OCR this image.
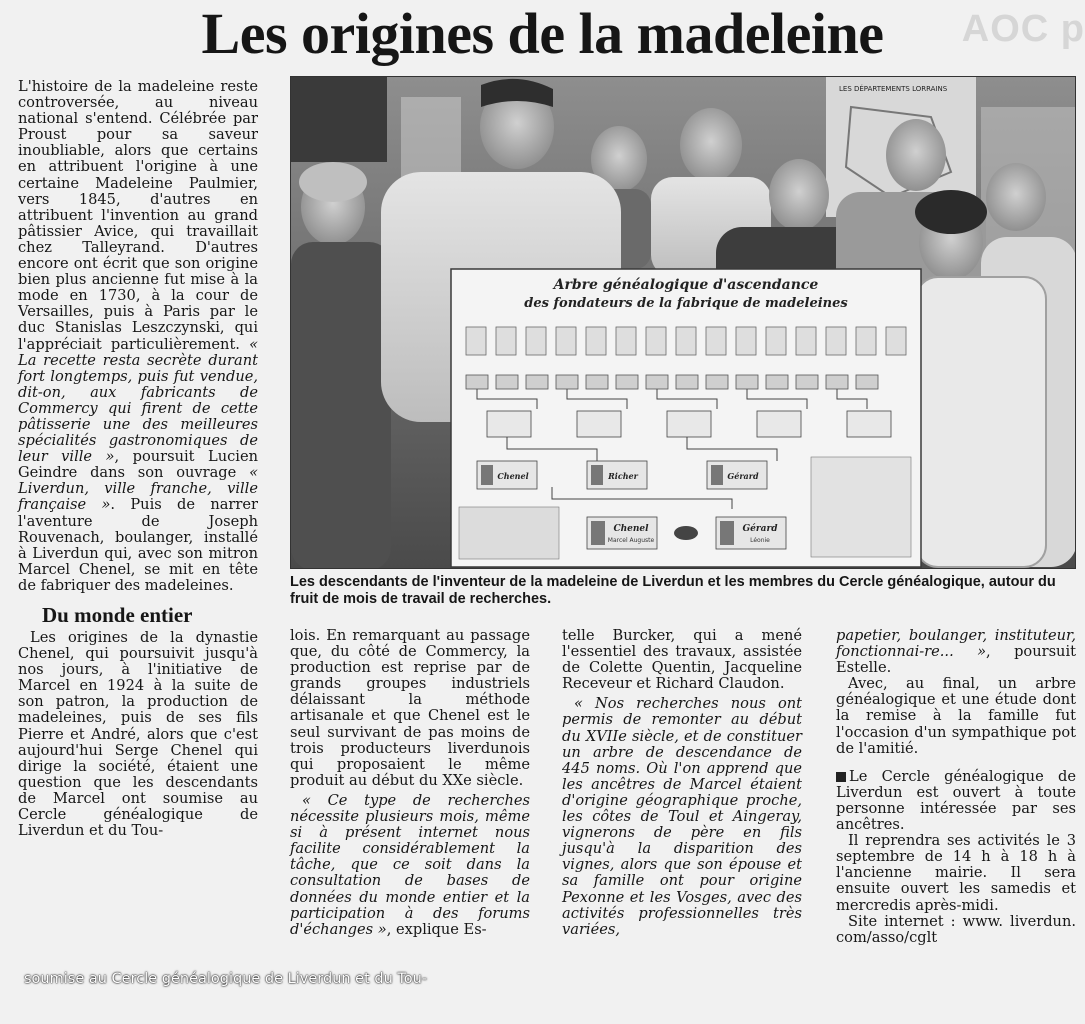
Les origines de la madeleine	AOC p

L'histoire de la madeleine reste controversée, au niveau national s'entend. Célébrée par Proust pour sa saveur inoubliable, alors que certains en attribuent l'origine à une certaine Madeleine Paulmier, vers 1845, d'autres en attribuent l'invention au grand pâtissier Avice, qui travaillait chez Talleyrand. D'autres encore ont écrit que son origine bien plus ancienne fut mise à la mode en 1730, à la cour de Versailles, puis à Paris par le duc Stanislas Leszczynski, qui l'appréciait particulièrement. « La recette resta secrète durant fort longtemps, puis fut vendue, dit-on, aux fabricants de Commercy qui firent de cette pâtisserie une des meilleures spécialités gastronomiques de leur ville », poursuit Lucien Geindre dans son ouvrage « Liverdun, ville franche, ville française ». Puis de narrer l'aventure de Joseph Rouvenach, boulanger, installé à Liverdun qui, avec son mitron Marcel Chenel, se mit en tête de fabriquer des madeleines.

Du monde entier

Les origines de la dynastie Chenel, qui poursuivit jusqu'à nos jours, à l'initiative de Marcel en 1924 à la suite de son patron, la production de madeleines, puis de ses fils Pierre et André, alors que c'est aujourd'hui Serge Chenel qui dirige la société, étaient une question que les descendants de Marcel ont soumise au Cercle généalogique de Liverdun et du Tou-

LES DÉPARTEMENTS LORRAINS
Arbre généalogique d'ascendance
des fondateurs de la fabrique de madeleines
Chenel	Richer	Gérard
Chenel
Marcel Auguste
Gérard
Léonie
Les descendants de l'inventeur de la madeleine de Liverdun et les membres du Cercle généalogique, autour du fruit de mois de travail de recherches.

lois. En remarquant au passage que, du côté de Commercy, la production est reprise par de grands groupes industriels délaissant la méthode artisanale et que Chenel est le seul survivant de pas moins de trois producteurs liverdunois qui proposaient le même produit au début du XXe siècle.

« Ce type de recherches nécessite plusieurs mois, même si à présent internet nous facilite considérablement la tâche, que ce soit dans la consultation de bases de données du monde entier et la participation à des forums d'échanges », explique Es-

telle Burcker, qui a mené l'essentiel des travaux, assistée de Colette Quentin, Jacqueline Receveur et Richard Claudon.

« Nos recherches nous ont permis de remonter au début du XVIIe siècle, et de constituer un arbre de descendance de 445 noms. Où l'on apprend que les ancêtres de Marcel étaient d'origine géographique proche, les côtes de Toul et Aingeray, vignerons de père en fils jusqu'à la disparition des vignes, alors que son épouse et sa famille ont pour origine Pexonne et les Vosges, avec des activités professionnelles très variées,

papetier, boulanger, instituteur, fonctionnai-re... », poursuit Estelle.

Avec, au final, un arbre généalogique et une étude dont la remise à la famille fut l'occasion d'un sympathique pot de l'amitié.

Le Cercle généalogique de Liverdun est ouvert à toute personne intéressée par ses ancêtres.

Il reprendra ses activités le 3 septembre de 14 h à 18 h à l'ancienne mairie. Il sera ensuite ouvert les samedis et mercredis après-midi.

Site internet : www. liverdun. com/asso/cglt

soumise au Cercle généalogique de Liverdun et du Tou-
